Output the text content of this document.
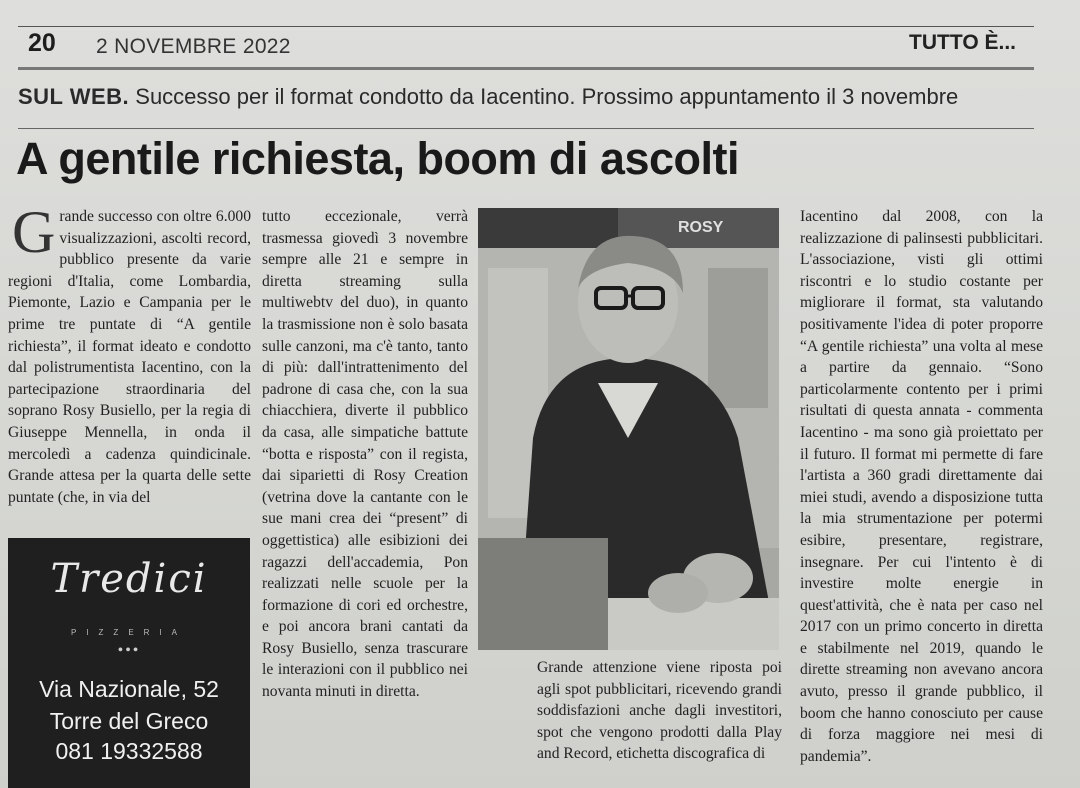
20 2 NOVEMBRE 2022	TUTTO È...
SUL WEB. Successo per il format condotto da Iacentino. Prossimo appuntamento il 3 novembre
A gentile richiesta, boom di ascolti
Grande successo con oltre 6.000 visualizzazioni, ascolti record, pubblico presente da varie regioni d'Italia, come Lombardia, Piemonte, Lazio e Campania per le prime tre puntate di “A gentile richiesta”, il format ideato e condotto dal polistrumentista Iacentino, con la partecipazione straordinaria del soprano Rosy Busiello, per la regia di Giuseppe Mennella, in onda il mercoledì a cadenza quindicinale. Grande attesa per la quarta delle sette puntate (che, in via del
tutto eccezionale, verrà trasmessa giovedì 3 novembre sempre alle 21 e sempre in diretta streaming sulla multiwebtv del duo), in quanto la trasmissione non è solo basata sulle canzoni, ma c'è tanto, tanto di più: dall'intrattenimento del padrone di casa che, con la sua chiacchiera, diverte il pubblico da casa, alle simpatiche battute “botta e risposta” con il regista, dai siparietti di Rosy Creation (vetrina dove la cantante con le sue mani crea dei “present” di oggettistica) alle esibizioni dei ragazzi dell'accademia, Pon realizzati nelle scuole per la formazione di cori ed orchestre, e poi ancora brani cantati da Rosy Busiello, senza trascurare le interazioni con il pubblico nei novanta minuti in diretta.
ROSY
Grande attenzione viene riposta poi agli spot pubblicitari, ricevendo grandi soddisfazioni anche dagli investitori, spot che vengono prodotti dalla Play and Record, etichetta discografica di
Iacentino dal 2008, con la realizzazione di palinsesti pubblicitari. L'associazione, visti gli ottimi riscontri e lo studio costante per migliorare il format, sta valutando positivamente l'idea di poter proporre “A gentile richiesta” una volta al mese a partire da gennaio. “Sono particolarmente contento per i primi risultati di questa annata - commenta Iacentino - ma sono già proiettato per il futuro. Il format mi permette di fare l'artista a 360 gradi direttamente dai miei studi, avendo a disposizione tutta la mia strumentazione per potermi esibire, presentare, registrare, insegnare. Per cui l'intento è di investire molte energie in quest'attività, che è nata per caso nel 2017 con un primo concerto in diretta e stabilmente nel 2019, quando le dirette streaming non avevano ancora avuto, presso il grande pubblico, il boom che hanno conosciuto per cause di forza maggiore nei mesi di pandemia”.
Tredici
PIZZERIA
•••
Via Nazionale, 52
Torre del Greco
081 19332588
